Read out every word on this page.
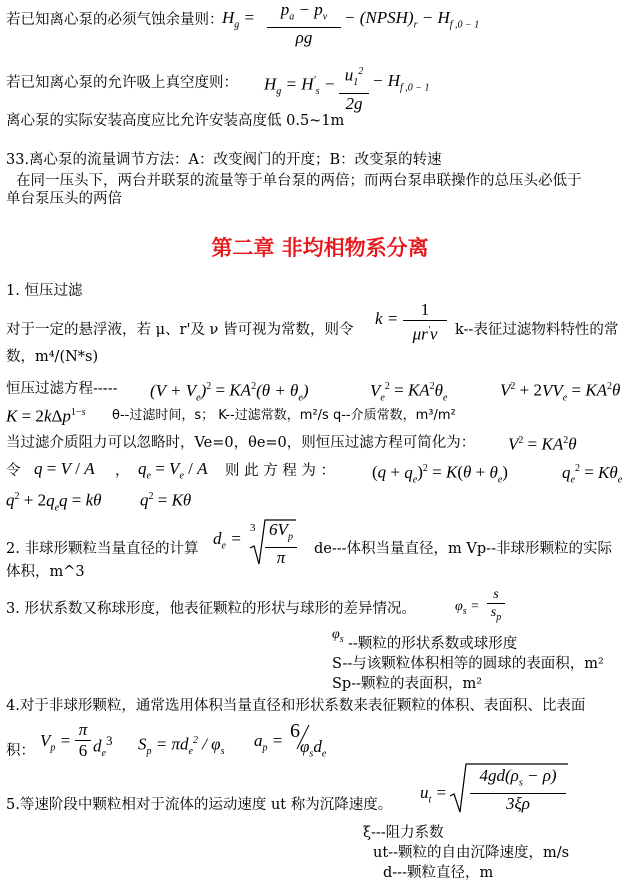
若已知离心泵的必须气蚀余量则：
$H_g = p_a - p_v$
ρg
− $(NPSH)_r - H_{f ,0 - 1}$
若已知离心泵的允许吸上真空度则： $H_g = H'_s - u_1^2$
2g
− $H_{f ,0 - 1}$
离心泵的实际安装高度应比允许安装高度低 0.5~1m
33.离心泵的流量调节方法：A：改变阀门的开度；B：改变泵的转速
在同一压头下，两台并联泵的流量等于单台泵的两倍；而两台泵串联操作的总压头必低于
单台泵压头的两倍
第二章 非均相物系分离
1. 恒压过滤
对于一定的悬浮液，若 μ、r'及 ν 皆可视为常数，则令
k = 1
μr'ν k--表征过滤物料特性的常
数，m⁴/(N*s)
恒压过滤方程----- $(V + V_e)^2 = KA^2(\theta + \theta_e)$	$V_e^2 = KA^2\theta_e$	$V^2 + 2VV_e = KA^2\theta$
K = 2kΔp$^{1-s}$ θ--过滤时间，s； K--过滤常数，m²/s q--介质常数，m³/m²
当过滤介质阻力可以忽略时，Ve=0，θe=0，则恒压过滤方程可简化为： $V^2 = KA^2\theta$
令 q = V / A ， $q_e = V_e / A$ 则 此 方 程 为 ： $(q + q_e)^2 = K(\theta + \theta_e)$	$q_e^2 = K\theta_e$
$q^2 + 2q_eq = k\theta$ $q^2 = K\theta$
2. 非球形颗粒当量直径的计算
$d_e$ =
3 $6V_p$
π de---体积当量直径，m Vp--非球形颗粒的实际
体积，m^3
3. 形状系数又称球形度，他表征颗粒的形状与球形的差异情况。	$\varphi_s$ =
s
$s_p$
$\varphi_s$ --颗粒的形状系数或球形度
S--与该颗粒体积相等的圆球的表面积，m²
Sp--颗粒的表面积，m²
4.对于非球形颗粒，通常选用体积当量直径和形状系数来表征颗粒的体积、表面积、比表面
积：
$V_p$ =
π
6 $d_e^3$ $S_p = \pi d_e^2 / \varphi_s$
$a_p = 6$
$\varphi_sd_e$
5.等速阶段中颗粒相对于流体的运动速度 ut 称为沉降速度。
$u_t$ =
$4gd(\rho_s - \rho)$
3ξρ
ξ---阻力系数
ut--颗粒的自由沉降速度，m/s
d---颗粒直径，m
